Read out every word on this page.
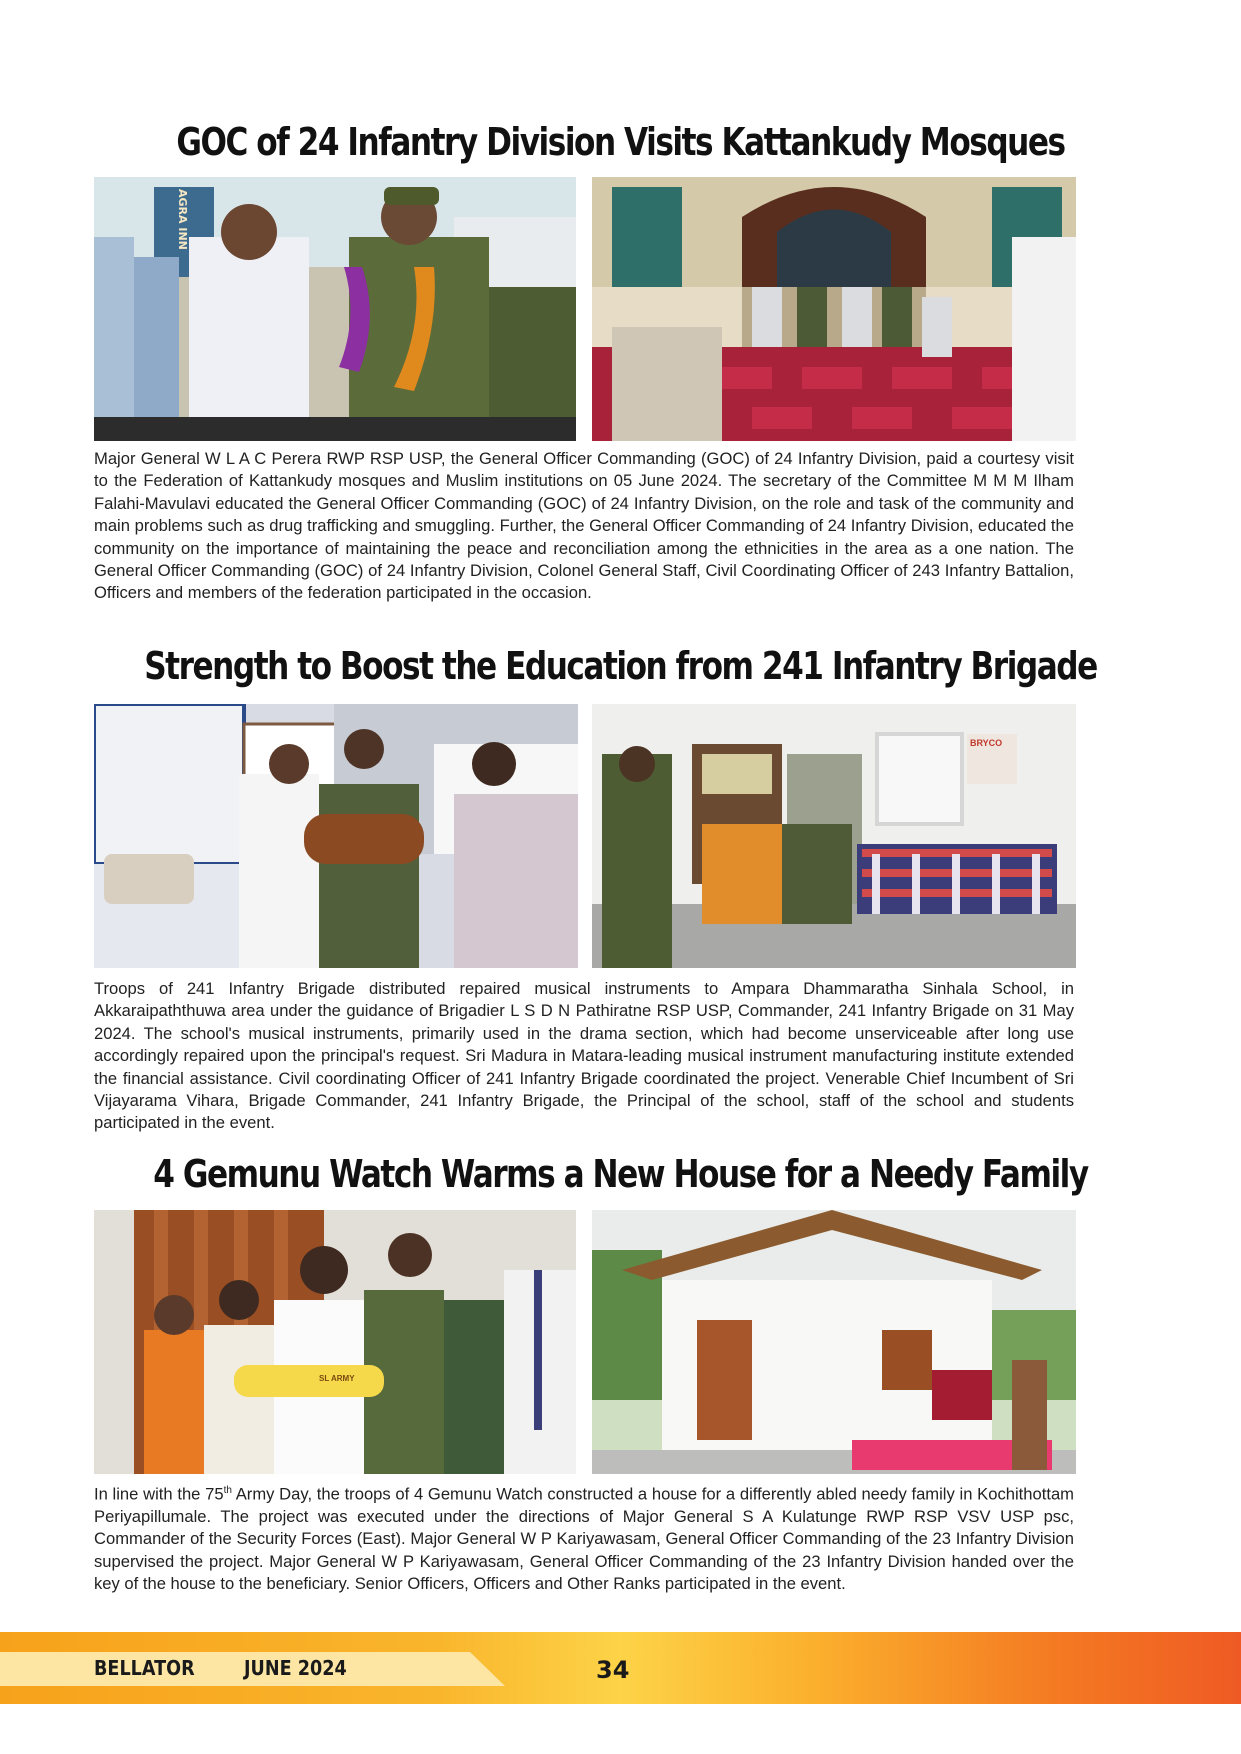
GOC of 24 Infantry Division Visits Kattankudy Mosques
AGRA INN

Major General W L A C Perera RWP RSP USP, the General Officer Commanding (GOC) of 24 Infantry Division, paid a courtesy visit to the Federation of Kattankudy mosques and Muslim institutions on 05 June 2024. The secretary of the Committee M M M Ilham Falahi-Mavulavi educated the General Officer Commanding (GOC) of 24 Infantry Division, on the role and task of the community and main problems such as drug trafficking and smuggling. Further, the General Officer Commanding of 24 Infantry Division, educated the community on the importance of maintaining the peace and reconciliation among the ethnicities in the area as a one nation. The General Officer Commanding (GOC) of 24 Infantry Division, Colonel General Staff, Civil Coordinating Officer of 243 Infantry Battalion, Officers and members of the federation participated in the occasion.

Strength to Boost the Education from 241 Infantry Brigade
BRYCO

Troops of 241 Infantry Brigade distributed repaired musical instruments to Ampara Dhammaratha Sinhala School, in Akkaraipaththuwa area under the guidance of Brigadier L S D N Pathiratne RSP USP, Commander, 241 Infantry Brigade on 31 May 2024. The school's musical instruments, primarily used in the drama section, which had become unserviceable after long use accordingly repaired upon the principal's request. Sri Madura in Matara-leading musical instrument manufacturing institute extended the financial assistance. Civil coordinating Officer of 241 Infantry Brigade coordinated the project. Venerable Chief Incumbent of Sri Vijayarama Vihara, Brigade Commander, 241 Infantry Brigade, the Principal of the school, staff of the school and students participated in the event.

4 Gemunu Watch Warms a New House for a Needy Family
SL ARMY

In line with the 75th Army Day, the troops of 4 Gemunu Watch constructed a house for a differently abled needy family in Kochithottam Periyapillumale. The project was executed under the directions of Major General S A Kulatunge RWP RSP VSV USP psc, Commander of the Security Forces (East). Major General W P Kariyawasam, General Officer Commanding of the 23 Infantry Division supervised the project. Major General W P Kariyawasam, General Officer Commanding of the 23 Infantry Division handed over the key of the house to the beneficiary. Senior Officers, Officers and Other Ranks participated in the event.

BELLATOR JUNE 2024	34
